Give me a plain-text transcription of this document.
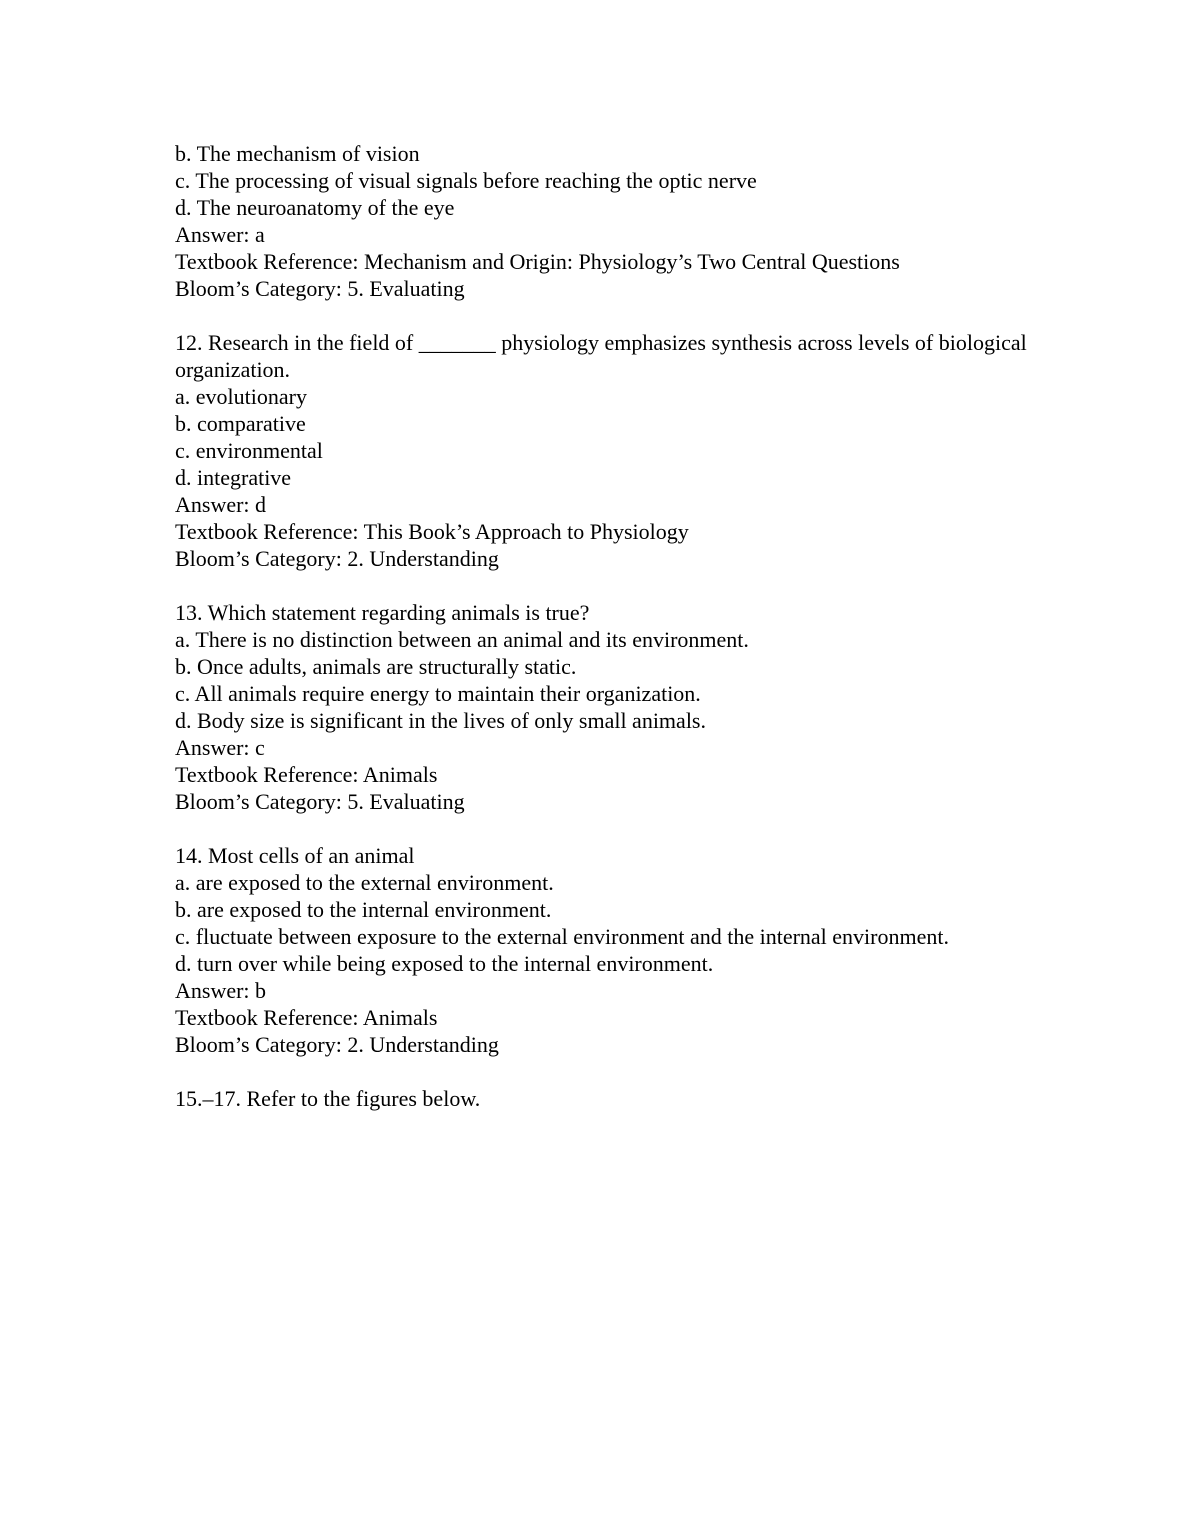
b. The mechanism of vision
c. The processing of visual signals before reaching the optic nerve
d. The neuroanatomy of the eye
Answer: a
Textbook Reference: Mechanism and Origin: Physiology’s Two Central Questions
Bloom’s Category: 5. Evaluating
12. Research in the field of _______ physiology emphasizes synthesis across levels of biological organization.
a. evolutionary
b. comparative
c. environmental
d. integrative
Answer: d
Textbook Reference: This Book’s Approach to Physiology
Bloom’s Category: 2. Understanding
13. Which statement regarding animals is true?
a. There is no distinction between an animal and its environment.
b. Once adults, animals are structurally static.
c. All animals require energy to maintain their organization.
d. Body size is significant in the lives of only small animals.
Answer: c
Textbook Reference: Animals
Bloom’s Category: 5. Evaluating
14. Most cells of an animal
a. are exposed to the external environment.
b. are exposed to the internal environment.
c. fluctuate between exposure to the external environment and the internal environment.
d. turn over while being exposed to the internal environment.
Answer: b
Textbook Reference: Animals
Bloom’s Category: 2. Understanding
15.–17. Refer to the figures below.
